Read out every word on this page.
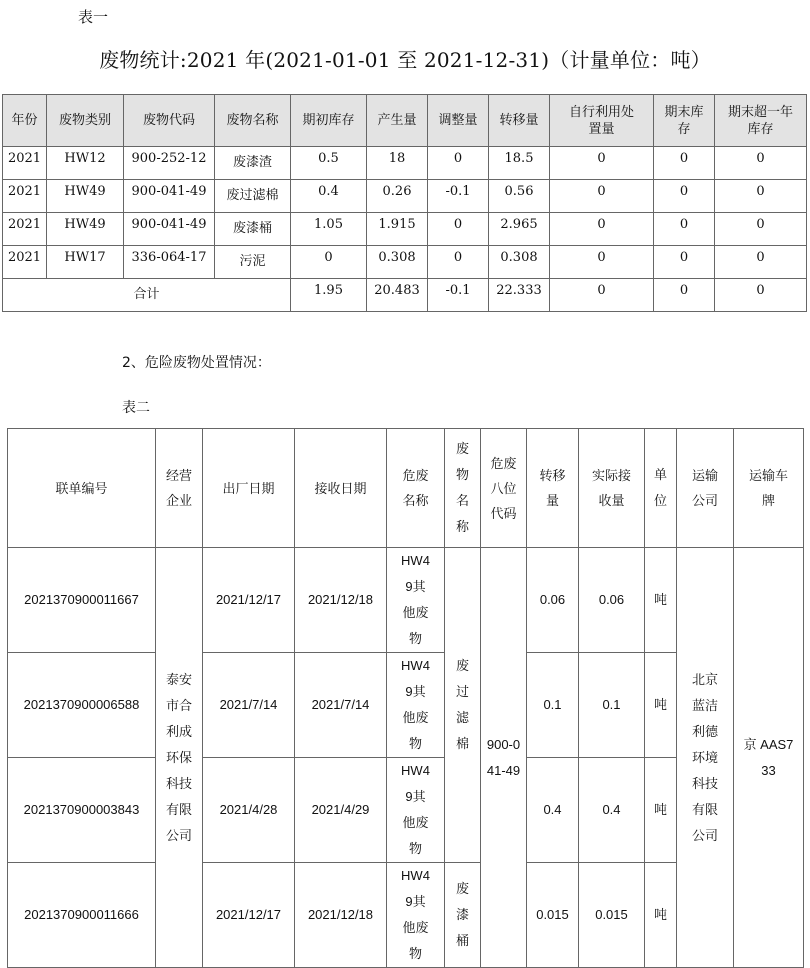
表一
废物统计:2021 年(2021-01-01 至 2021-12-31)（计量单位：吨）
年份	废物类别	废物代码	废物名称	期初库存	产生量	调整量	转移量	自行利用处置量	期末库存	期末超一年库存
2021	HW12	900-252-12	废漆渣	0.5	18	0	18.5	0	0	0
2021	HW49	900-041-49	废过滤棉	0.4	0.26	-0.1	0.56	0	0	0
2021	HW49	900-041-49	废漆桶	1.05	1.915	0	2.965	0	0	0
2021	HW17	336-064-17	污泥	0	0.308	0	0.308	0	0	0
合计				1.95	20.483	-0.1	22.333	0	0	0
2、危险废物处置情况：
表二
联单编号	经营企业	出厂日期	接收日期	危废名称	废物名称	危废八位代码	转移量	实际接收量	单位	运输公司	运输车牌
2021370900011667	泰安市合利成环保科技有限公司	2021/12/17	2021/12/18	HW49其他废物	废过滤棉	900-041-49	0.06	0.06	吨	北京蓝洁利德环境科技有限公司	京 AAS733
2021370900006588		2021/7/14	2021/7/14	HW49其他废物			0.1	0.1	吨		
2021370900003843		2021/4/28	2021/4/29	HW49其他废物			0.4	0.4	吨		
2021370900011666		2021/12/17	2021/12/18	HW49其他废物	废漆桶		0.015	0.015	吨		
